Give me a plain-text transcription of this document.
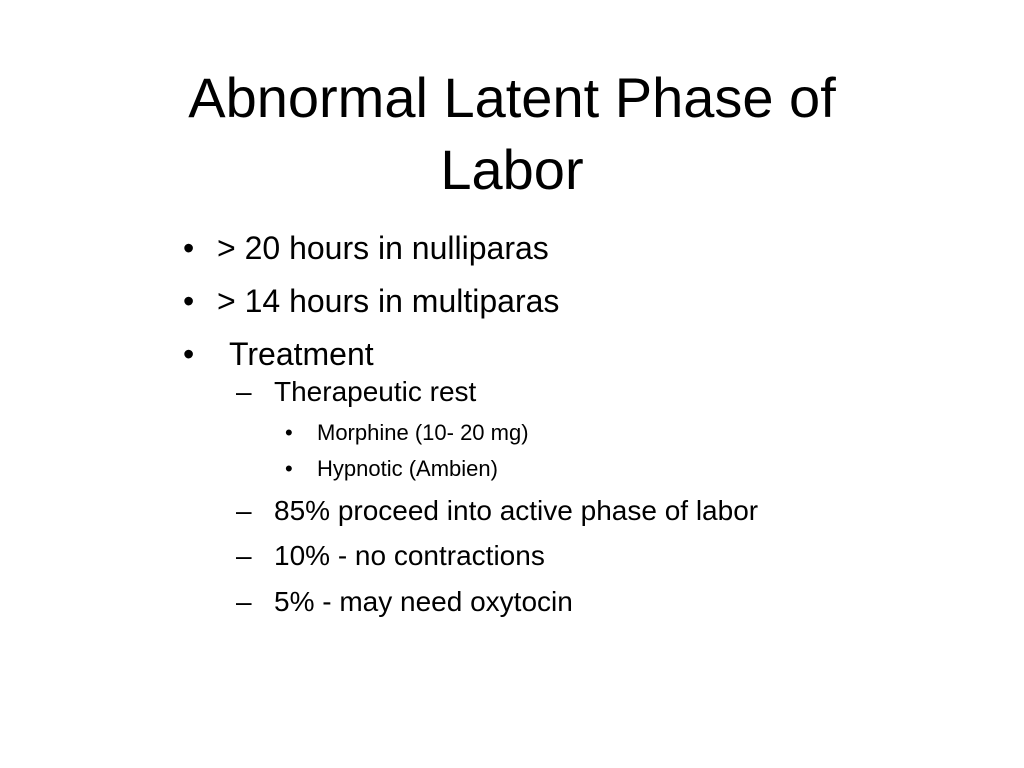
Abnormal Latent Phase of
Labor
• > 20 hours in nulliparas
• > 14 hours in multiparas
• Treatment
– Therapeutic rest
• Morphine (10- 20 mg)
• Hypnotic (Ambien)
– 85% proceed into active phase of labor
– 10% - no contractions
– 5% - may need oxytocin
